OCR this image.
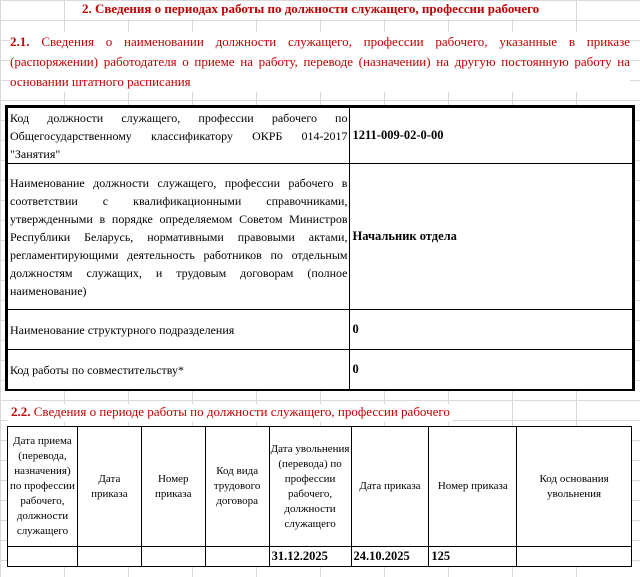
2. Сведения о периодах работы по должности служащего, профессии рабочего
2.1. Сведения о наименовании должности служащего, профессии рабочего, указанные в приказе (распоряжении) работодателя о приеме на работу, переводе (назначении) на другую постоянную работу на основании штатного расписания
Код должности служащего, профессии рабочего по Общегосударственному классификатору ОКРБ 014-2017 "Занятия"	1211-009-02-0-00
Наименование должности служащего, профессии рабочего в соответствии с квалификационными справочниками, утвержденными в порядке определяемом Советом Министров Республики Беларусь, нормативными правовыми актами, регламентирующими деятельность работников по отдельным должностям служащих, и трудовым договорам (полное наименование)	Начальник отдела
Наименование структурного подразделения	0
Код работы по совместительству*	0
2.2. Сведения о периоде работы по должности служащего, профессии рабочего
Дата приема (перевода, назначения) по профессии рабочего, должности служащего	Дата приказа	Номер приказа	Код вида трудового договора	Дата увольнения (перевода) по профессии рабочего, должности служащего	Дата приказа	Номер приказа	Код основания увольнения
				31.12.2025	24.10.2025	125	
